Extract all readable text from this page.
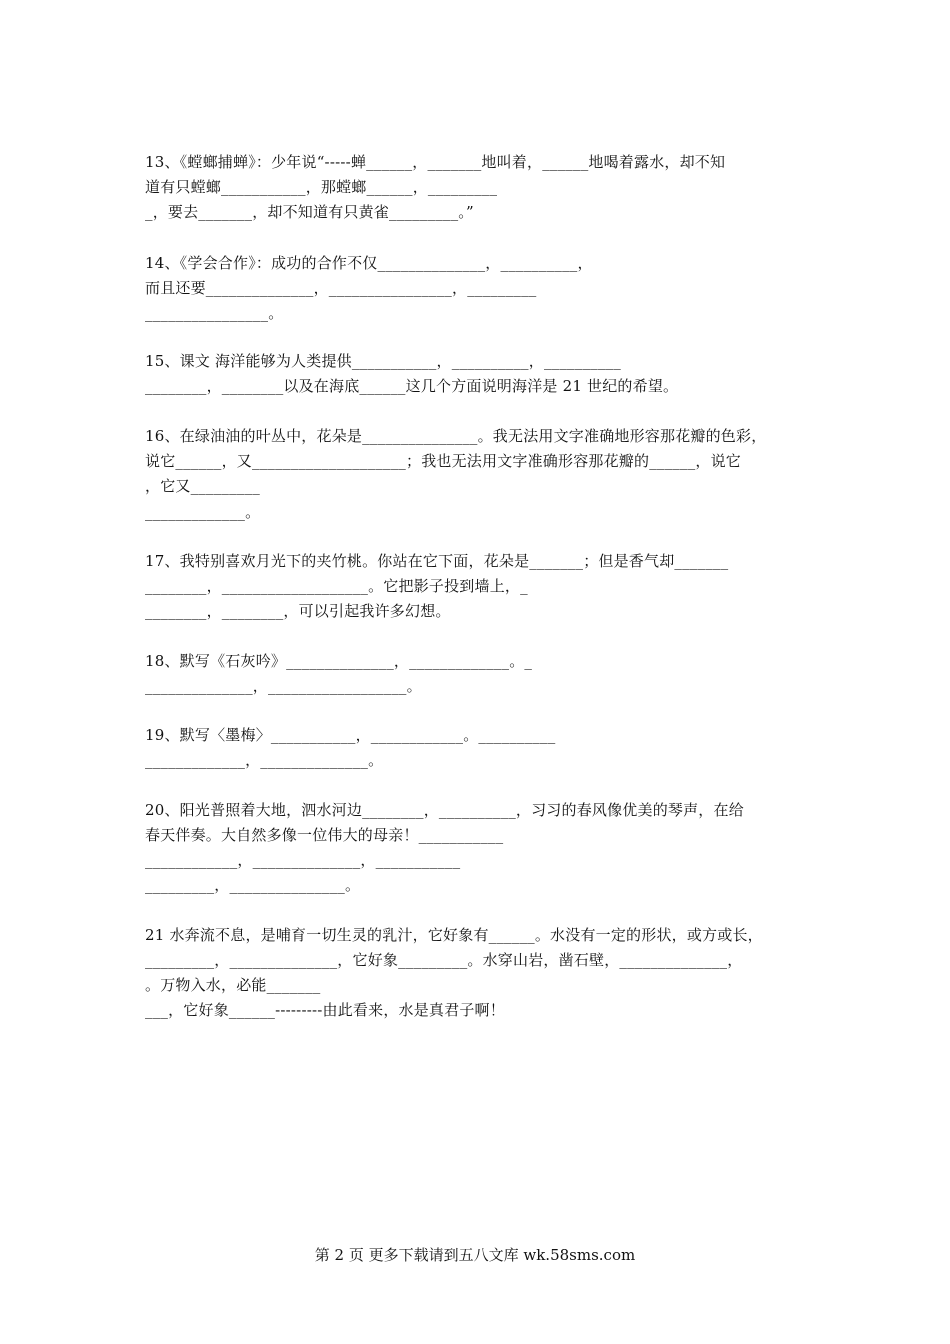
13、《螳螂捕蝉》：少年说“-----蝉______，_______地叫着，______地喝着露水，却不知
道有只螳螂___________，那螳螂______，_________
_，要去_______，却不知道有只黄雀_________。”
14、《学会合作》：成功的合作不仅______________，__________，
而且还要______________，________________，_________
________________。
15、课文 海洋能够为人类提供___________，__________，__________
________，________以及在海底______这几个方面说明海洋是 21 世纪的希望。
16、在绿油油的叶丛中，花朵是_______________。我无法用文字准确地形容那花瓣的色彩，
说它______，又____________________；我也无法用文字准确形容那花瓣的______，说它
，它又_________
_____________。
17、我特别喜欢月光下的夹竹桃。你站在它下面，花朵是_______；但是香气却_______
________，___________________。它把影子投到墙上，_
________，________，可以引起我许多幻想。
18、默写《石灰吟》______________，_____________。_
______________，__________________。
19、默写〈墨梅〉___________，____________。__________
_____________，______________。
20、阳光普照着大地，泗水河边________，__________，习习的春风像优美的琴声，在给
春天伴奏。大自然多像一位伟大的母亲！___________
____________，______________，___________
_________，_______________。
21 水奔流不息，是哺育一切生灵的乳汁，它好象有______。水没有一定的形状，或方或长，
_________，______________，它好象_________。水穿山岩，凿石壁，______________，
。万物入水，必能_______
___，它好象______---------由此看来，水是真君子啊！
第 2 页 更多下载请到五八文库 wk.58sms.com
